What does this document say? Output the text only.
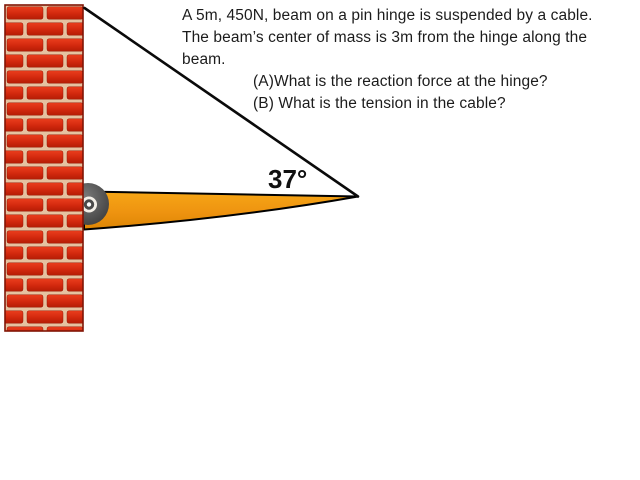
37°
A 5m, 450N, beam on a pin hinge is suspended by a cable.
The beam’s center of mass is 3m from the hinge along the
beam.
(A)What is the reaction force at the hinge?
(B) What is the tension in the cable?
